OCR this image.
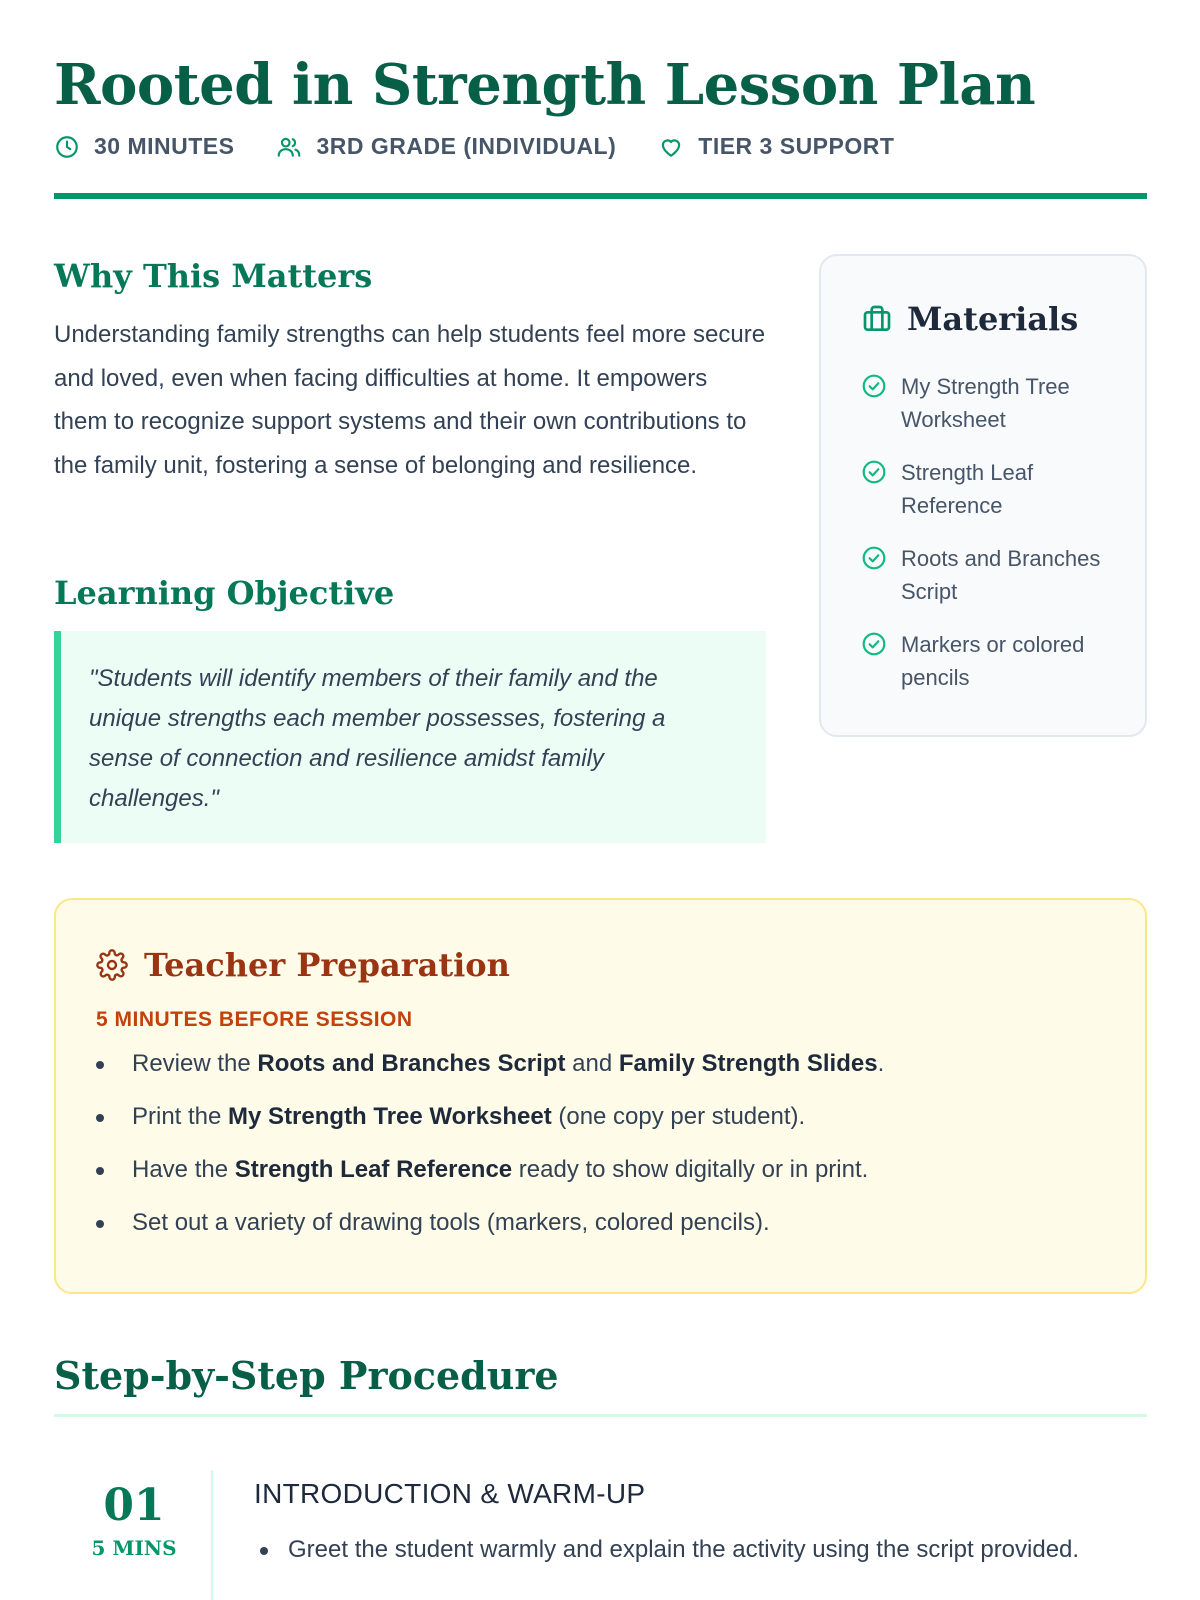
Rooted in Strength Lesson Plan
30 MINUTES	3RD GRADE (INDIVIDUAL)	TIER 3 SUPPORT
Why This Matters

Understanding family strengths can help students feel more secure and loved, even when facing difficulties at home. It empowers them to recognize support systems and their own contributions to the family unit, fostering a sense of belonging and resilience.

Learning Objective

"Students will identify members of their family and the unique strengths each member possesses, fostering a sense of connection and resilience amidst family challenges."

Materials
My Strength Tree Worksheet
Strength Leaf Reference
Roots and Branches Script
Markers or colored pencils
Teacher Preparation
5 MINUTES BEFORE SESSION
Review the Roots and Branches Script and Family Strength Slides.
Print the My Strength Tree Worksheet (one copy per student).
Have the Strength Leaf Reference ready to show digitally or in print.
Set out a variety of drawing tools (markers, colored pencils).
Step-by-Step Procedure
01
5 MINS
INTRODUCTION & WARM-UP
Greet the student warmly and explain the activity using the script provided.
